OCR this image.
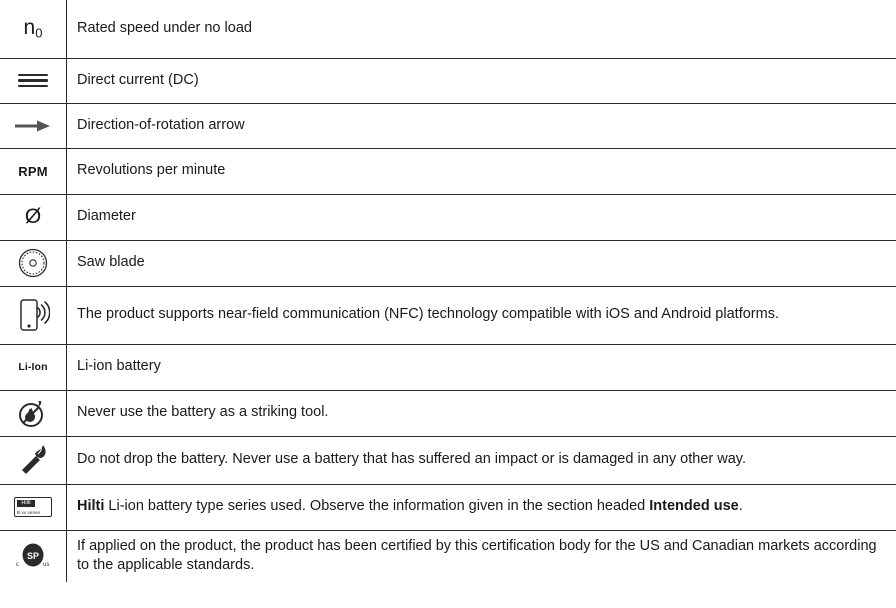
$n_0$	Rated speed under no load

	Direct current (DC)

	Direction-of-rotation arrow

RPM	Revolutions per minute

Ø	Diameter

	Saw blade

	The product supports near-field communication (NFC) technology compatible with iOS and Android platforms.

Li-Ion	Li-ion battery

	Never use the battery as a striking tool.

	Do not drop the battery. Never use a battery that has suffered an impact or is damaged in any other way.

Hilti
B xx series	Hilti Li-ion battery type series used. Observe the information given in the section headed Intended use.

c us
SP	If applied on the product, the product has been certified by this certification body for the US and Canadian markets according to the applicable standards.
